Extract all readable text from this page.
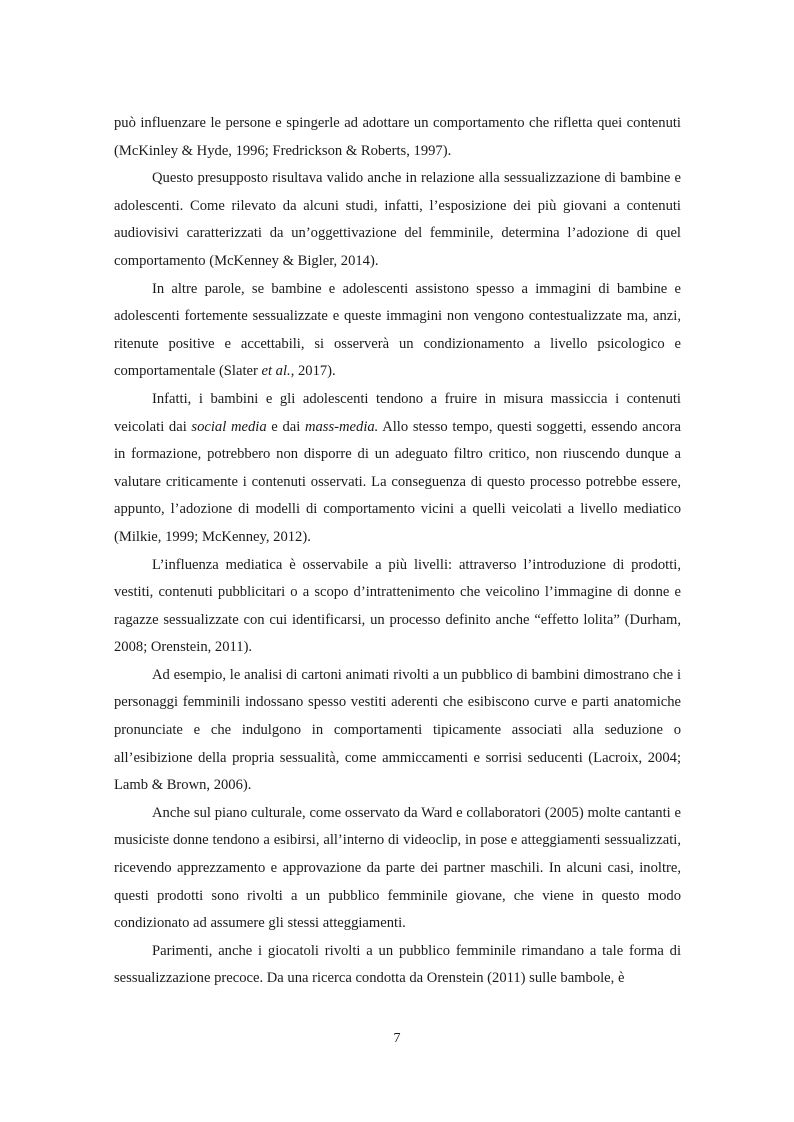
può influenzare le persone e spingerle ad adottare un comportamento che rifletta quei contenuti (McKinley & Hyde, 1996; Fredrickson & Roberts, 1997).

Questo presupposto risultava valido anche in relazione alla sessualizzazione di bambine e adolescenti. Come rilevato da alcuni studi, infatti, l’esposizione dei più giovani a contenuti audiovisivi caratterizzati da un’oggettivazione del femminile, determina l’adozione di quel comportamento (McKenney & Bigler, 2014).

In altre parole, se bambine e adolescenti assistono spesso a immagini di bambine e adolescenti fortemente sessualizzate e queste immagini non vengono contestualizzate ma, anzi, ritenute positive e accettabili, si osserverà un condizionamento a livello psicologico e comportamentale (Slater et al., 2017).

Infatti, i bambini e gli adolescenti tendono a fruire in misura massiccia i contenuti veicolati dai social media e dai mass-media. Allo stesso tempo, questi soggetti, essendo ancora in formazione, potrebbero non disporre di un adeguato filtro critico, non riuscendo dunque a valutare criticamente i contenuti osservati. La conseguenza di questo processo potrebbe essere, appunto, l’adozione di modelli di comportamento vicini a quelli veicolati a livello mediatico (Milkie, 1999; McKenney, 2012).

L’influenza mediatica è osservabile a più livelli: attraverso l’introduzione di prodotti, vestiti, contenuti pubblicitari o a scopo d’intrattenimento che veicolino l’immagine di donne e ragazze sessualizzate con cui identificarsi, un processo definito anche “effetto lolita” (Durham, 2008; Orenstein, 2011).

Ad esempio, le analisi di cartoni animati rivolti a un pubblico di bambini dimostrano che i personaggi femminili indossano spesso vestiti aderenti che esibiscono curve e parti anatomiche pronunciate e che indulgono in comportamenti tipicamente associati alla seduzione o all’esibizione della propria sessualità, come ammiccamenti e sorrisi seducenti (Lacroix, 2004; Lamb & Brown, 2006).

Anche sul piano culturale, come osservato da Ward e collaboratori (2005) molte cantanti e musiciste donne tendono a esibirsi, all’interno di videoclip, in pose e atteggiamenti sessualizzati, ricevendo apprezzamento e approvazione da parte dei partner maschili. In alcuni casi, inoltre, questi prodotti sono rivolti a un pubblico femminile giovane, che viene in questo modo condizionato ad assumere gli stessi atteggiamenti.

Parimenti, anche i giocatoli rivolti a un pubblico femminile rimandano a tale forma di sessualizzazione precoce. Da una ricerca condotta da Orenstein (2011) sulle bambole, è

7
